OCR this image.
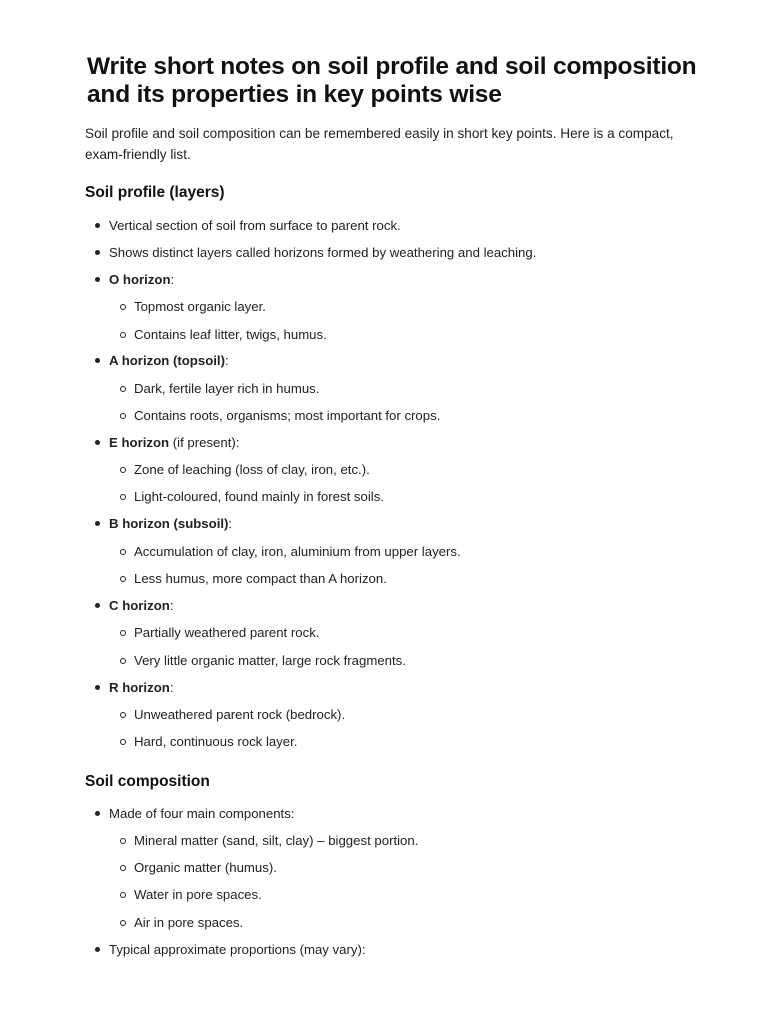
Write short notes on soil profile and soil composition and its properties in key points wise

Soil profile and soil composition can be remembered easily in short key points. Here is a compact, exam-friendly list.

Soil profile (layers)
Vertical section of soil from surface to parent rock.
Shows distinct layers called horizons formed by weathering and leaching.
O horizon:
Topmost organic layer.
Contains leaf litter, twigs, humus.
A horizon (topsoil):
Dark, fertile layer rich in humus.
Contains roots, organisms; most important for crops.
E horizon (if present):
Zone of leaching (loss of clay, iron, etc.).
Light-coloured, found mainly in forest soils.
B horizon (subsoil):
Accumulation of clay, iron, aluminium from upper layers.
Less humus, more compact than A horizon.
C horizon:
Partially weathered parent rock.
Very little organic matter, large rock fragments.
R horizon:
Unweathered parent rock (bedrock).
Hard, continuous rock layer.
Soil composition
Made of four main components:
Mineral matter (sand, silt, clay) – biggest portion.
Organic matter (humus).
Water in pore spaces.
Air in pore spaces.
Typical approximate proportions (may vary):
